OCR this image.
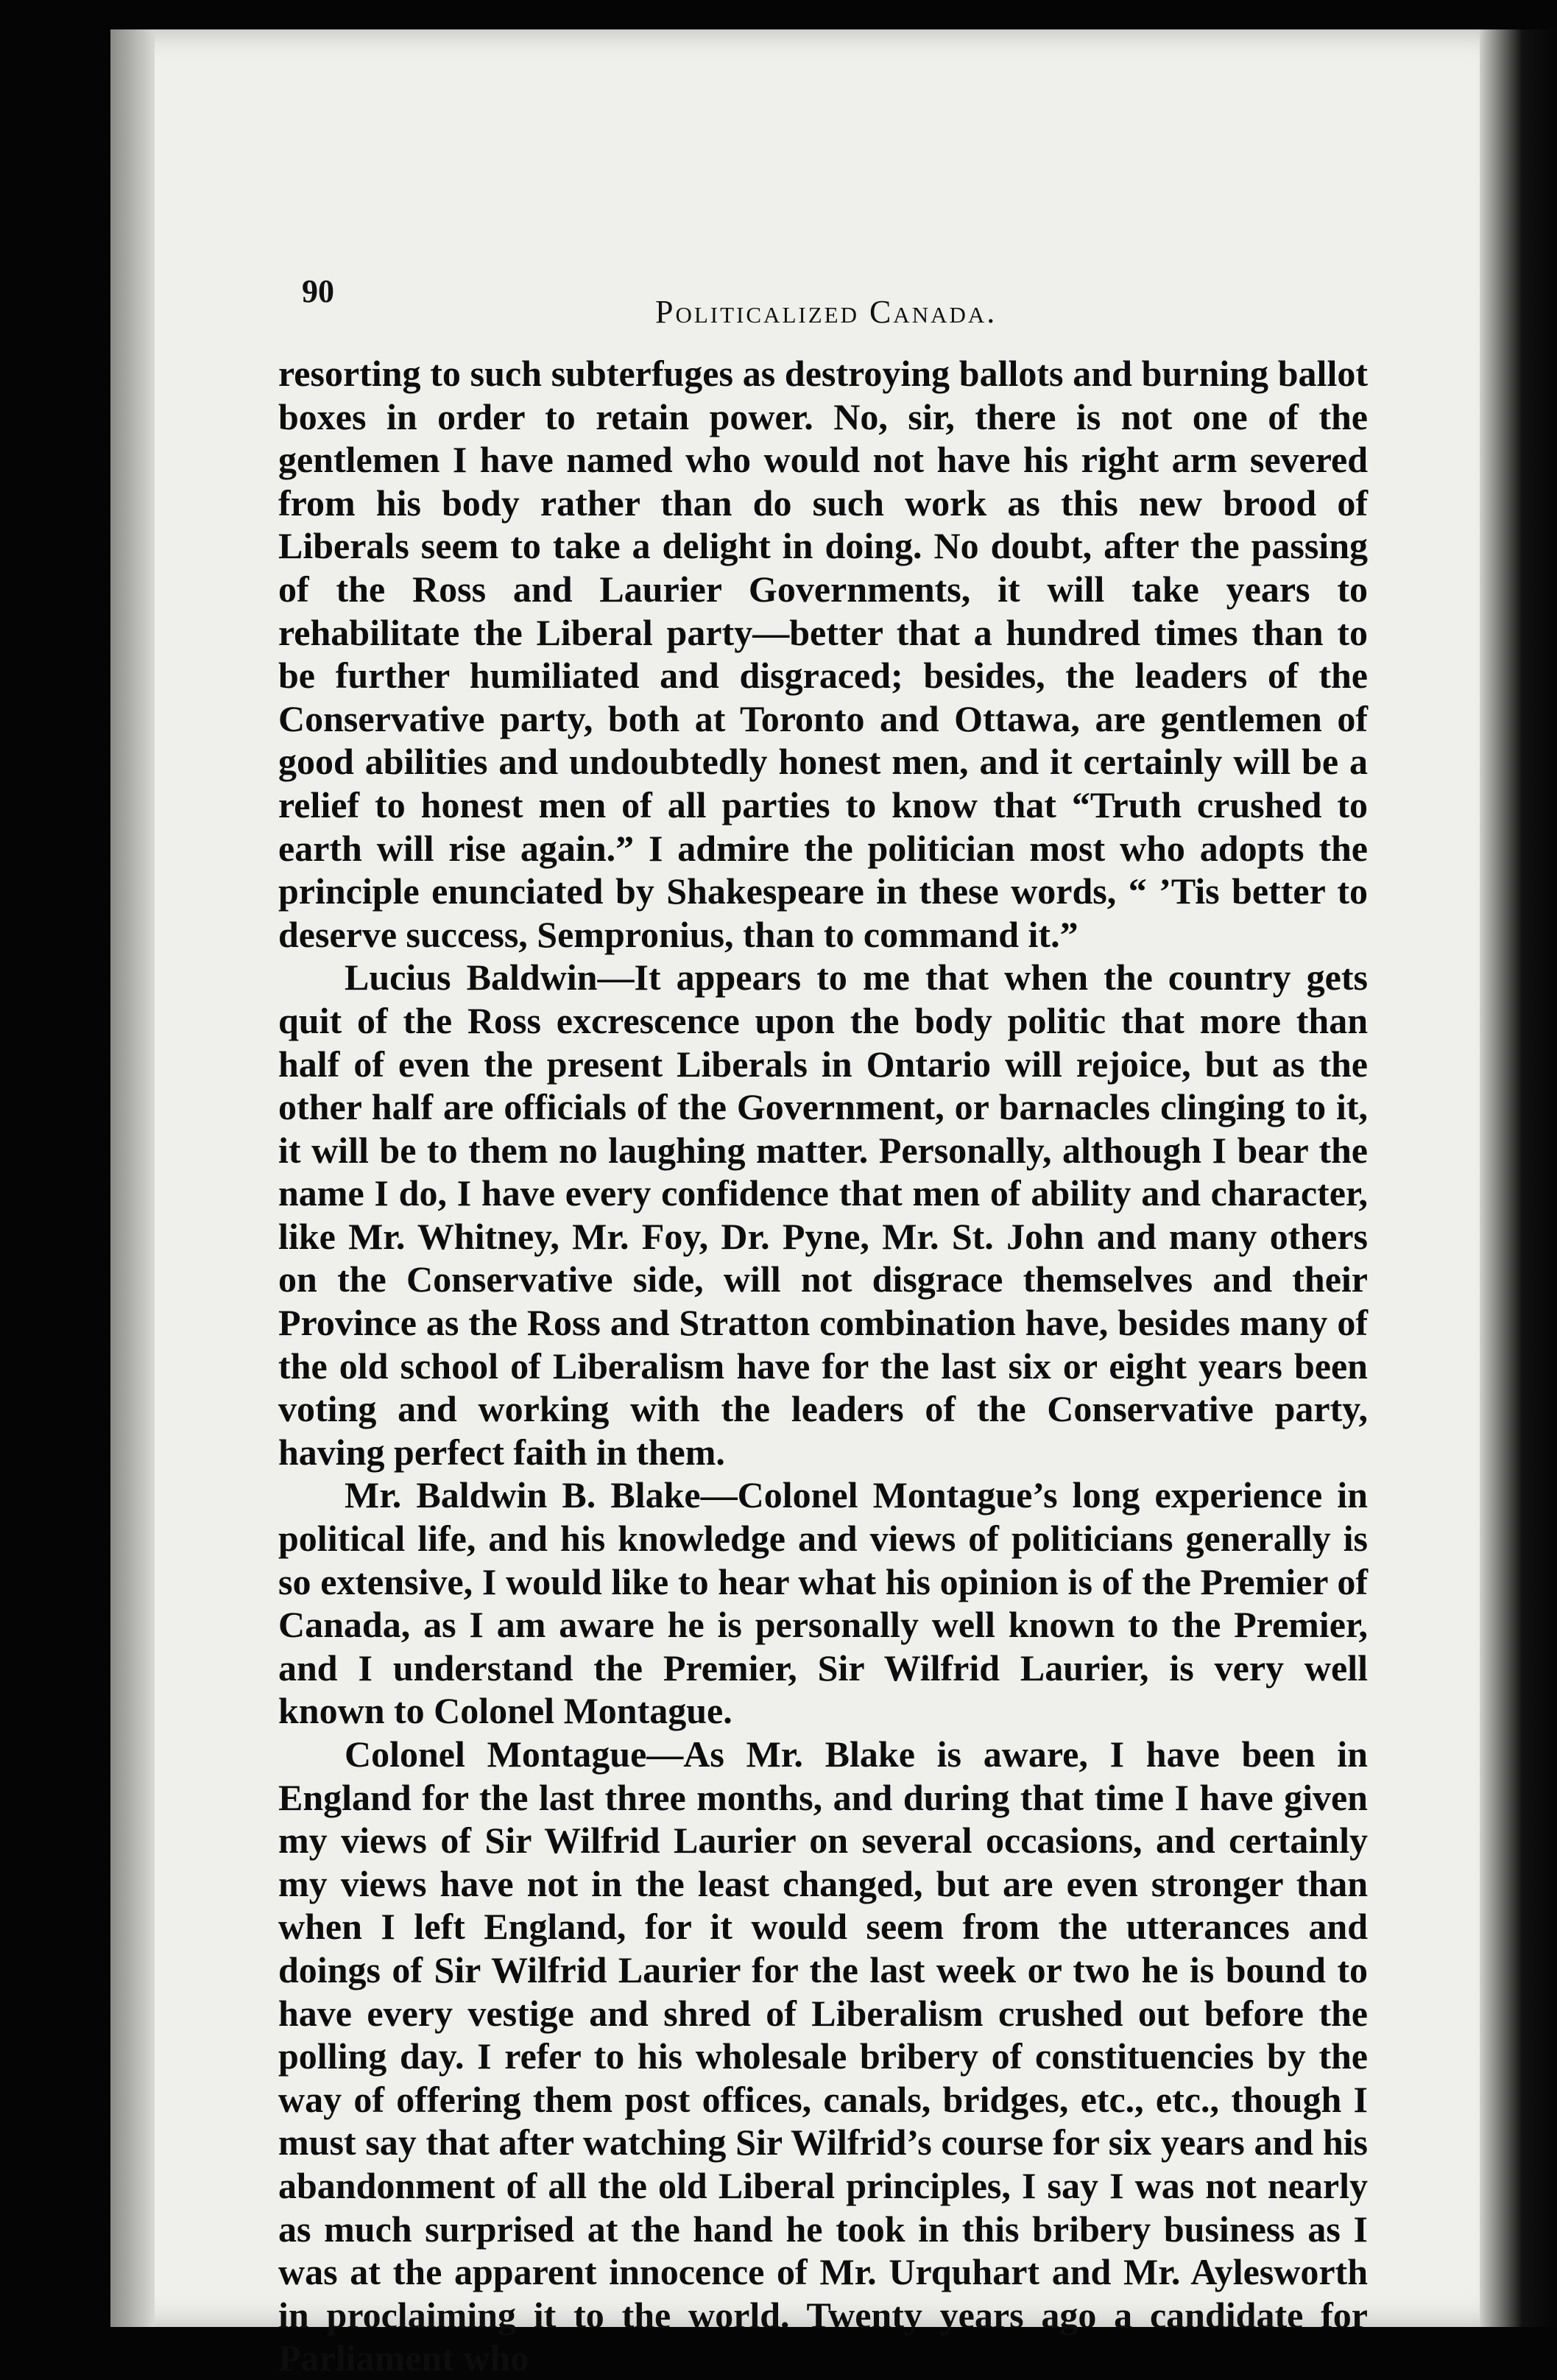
90
Politicalized Canada.

resorting to such subterfuges as destroying ballots and burning ballot boxes in order to retain power. No, sir, there is not one of the gentlemen I have named who would not have his right arm severed from his body rather than do such work as this new brood of Liberals seem to take a delight in doing. No doubt, after the passing of the Ross and Laurier Governments, it will take years to rehabilitate the Liberal party—better that a hundred times than to be further humiliated and disgraced; besides, the leaders of the Conservative party, both at Toronto and Ottawa, are gentlemen of good abilities and undoubtedly honest men, and it certainly will be a relief to honest men of all parties to know that “Truth crushed to earth will rise again.” I admire the politician most who adopts the principle enunciated by Shakespeare in these words, “ ’Tis better to deserve success, Sempronius, than to command it.”

Lucius Baldwin—It appears to me that when the country gets quit of the Ross excrescence upon the body politic that more than half of even the present Liberals in Ontario will rejoice, but as the other half are officials of the Government, or barnacles clinging to it, it will be to them no laughing matter. Personally, although I bear the name I do, I have every confidence that men of ability and character, like Mr. Whitney, Mr. Foy, Dr. Pyne, Mr. St. John and many others on the Conservative side, will not disgrace themselves and their Province as the Ross and Stratton combination have, besides many of the old school of Liberalism have for the last six or eight years been voting and working with the leaders of the Conservative party, having perfect faith in them.

Mr. Baldwin B. Blake—Colonel Montague’s long experience in political life, and his knowledge and views of politicians generally is so extensive, I would like to hear what his opinion is of the Premier of Canada, as I am aware he is personally well known to the Premier, and I understand the Premier, Sir Wilfrid Laurier, is very well known to Colonel Montague.

Colonel Montague—As Mr. Blake is aware, I have been in England for the last three months, and during that time I have given my views of Sir Wilfrid Laurier on several occasions, and certainly my views have not in the least changed, but are even stronger than when I left England, for it would seem from the utterances and doings of Sir Wilfrid Laurier for the last week or two he is bound to have every vestige and shred of Liberalism crushed out before the polling day. I refer to his wholesale bribery of constituencies by the way of offering them post offices, canals, bridges, etc., etc., though I must say that after watching Sir Wilfrid’s course for six years and his abandonment of all the old Liberal principles, I say I was not nearly as much surprised at the hand he took in this bribery business as I was at the apparent innocence of Mr. Urquhart and Mr. Aylesworth in proclaiming it to the world. Twenty years ago a candidate for Parliament who
